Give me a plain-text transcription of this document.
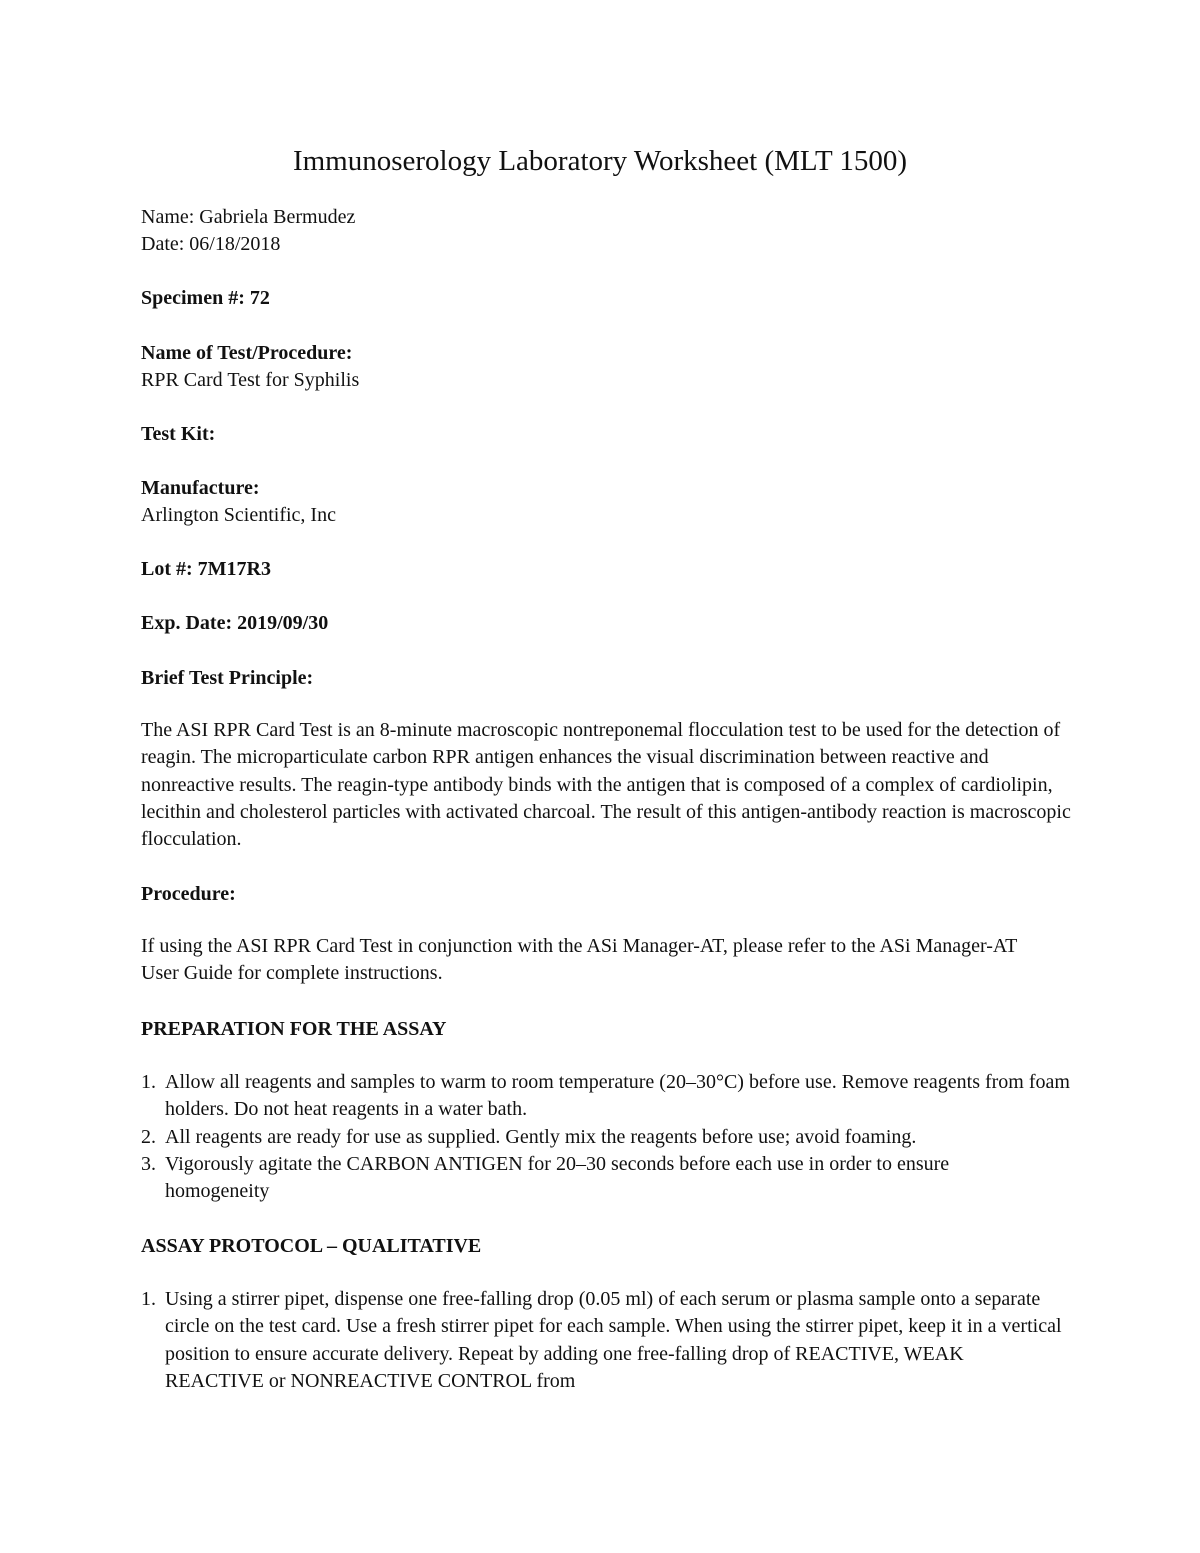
Immunoserology Laboratory Worksheet (MLT 1500)
Name: Gabriela Bermudez
Date: 06/18/2018
Specimen #: 72
Name of Test/Procedure:
RPR Card Test for Syphilis
Test Kit:
Manufacture:
Arlington Scientific, Inc
Lot #: 7M17R3
Exp. Date: 2019/09/30
Brief Test Principle:
The ASI RPR Card Test is an 8-minute macroscopic nontreponemal flocculation test to be used for the detection of reagin. The microparticulate carbon RPR antigen enhances the visual discrimination between reactive and nonreactive results. The reagin-type antibody binds with the antigen that is composed of a complex of cardiolipin, lecithin and cholesterol particles with activated charcoal. The result of this antigen-antibody reaction is macroscopic flocculation.
Procedure:
If using the ASI RPR Card Test in conjunction with the ASi Manager-AT, please refer to the ASi Manager-AT User Guide for complete instructions.
PREPARATION FOR THE ASSAY
1. Allow all reagents and samples to warm to room temperature (20–30°C) before use. Remove reagents from foam holders. Do not heat reagents in a water bath.
2. All reagents are ready for use as supplied. Gently mix the reagents before use; avoid foaming.
3. Vigorously agitate the CARBON ANTIGEN for 20–30 seconds before each use in order to ensure homogeneity
ASSAY PROTOCOL – QUALITATIVE
1. Using a stirrer pipet, dispense one free-falling drop (0.05 ml) of each serum or plasma sample onto a separate circle on the test card. Use a fresh stirrer pipet for each sample. When using the stirrer pipet, keep it in a vertical position to ensure accurate delivery. Repeat by adding one free-falling drop of REACTIVE, WEAK REACTIVE or NONREACTIVE CONTROL from
